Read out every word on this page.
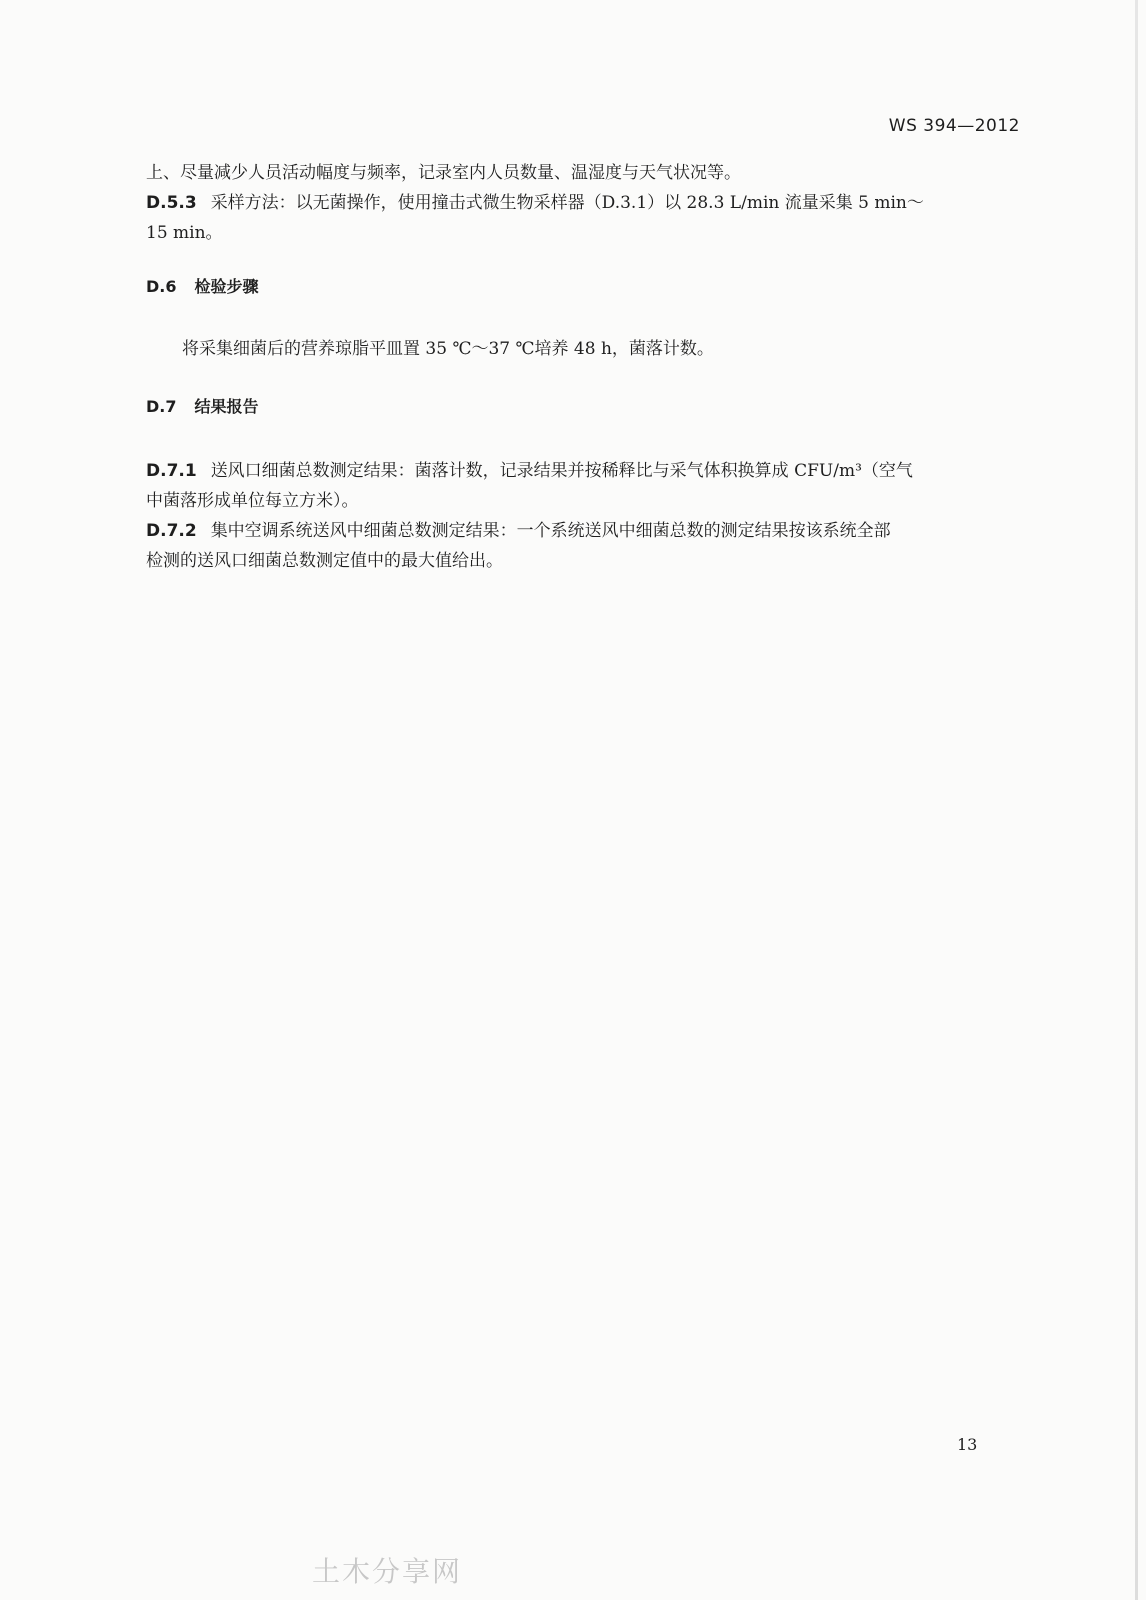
WS 394—2012
上、尽量减少人员活动幅度与频率，记录室内人员数量、温湿度与天气状况等。
D.5.3 采样方法：以无菌操作，使用撞击式微生物采样器（D.3.1）以 28.3 L/min 流量采集 5 min～
15 min。
D.6 检验步骤
将采集细菌后的营养琼脂平皿置 35 ℃～37 ℃培养 48 h，菌落计数。
D.7 结果报告
D.7.1 送风口细菌总数测定结果：菌落计数，记录结果并按稀释比与采气体积换算成 CFU/m³（空气
中菌落形成单位每立方米）。
D.7.2 集中空调系统送风中细菌总数测定结果：一个系统送风中细菌总数的测定结果按该系统全部
检测的送风口细菌总数测定值中的最大值给出。
13
土木分享网
